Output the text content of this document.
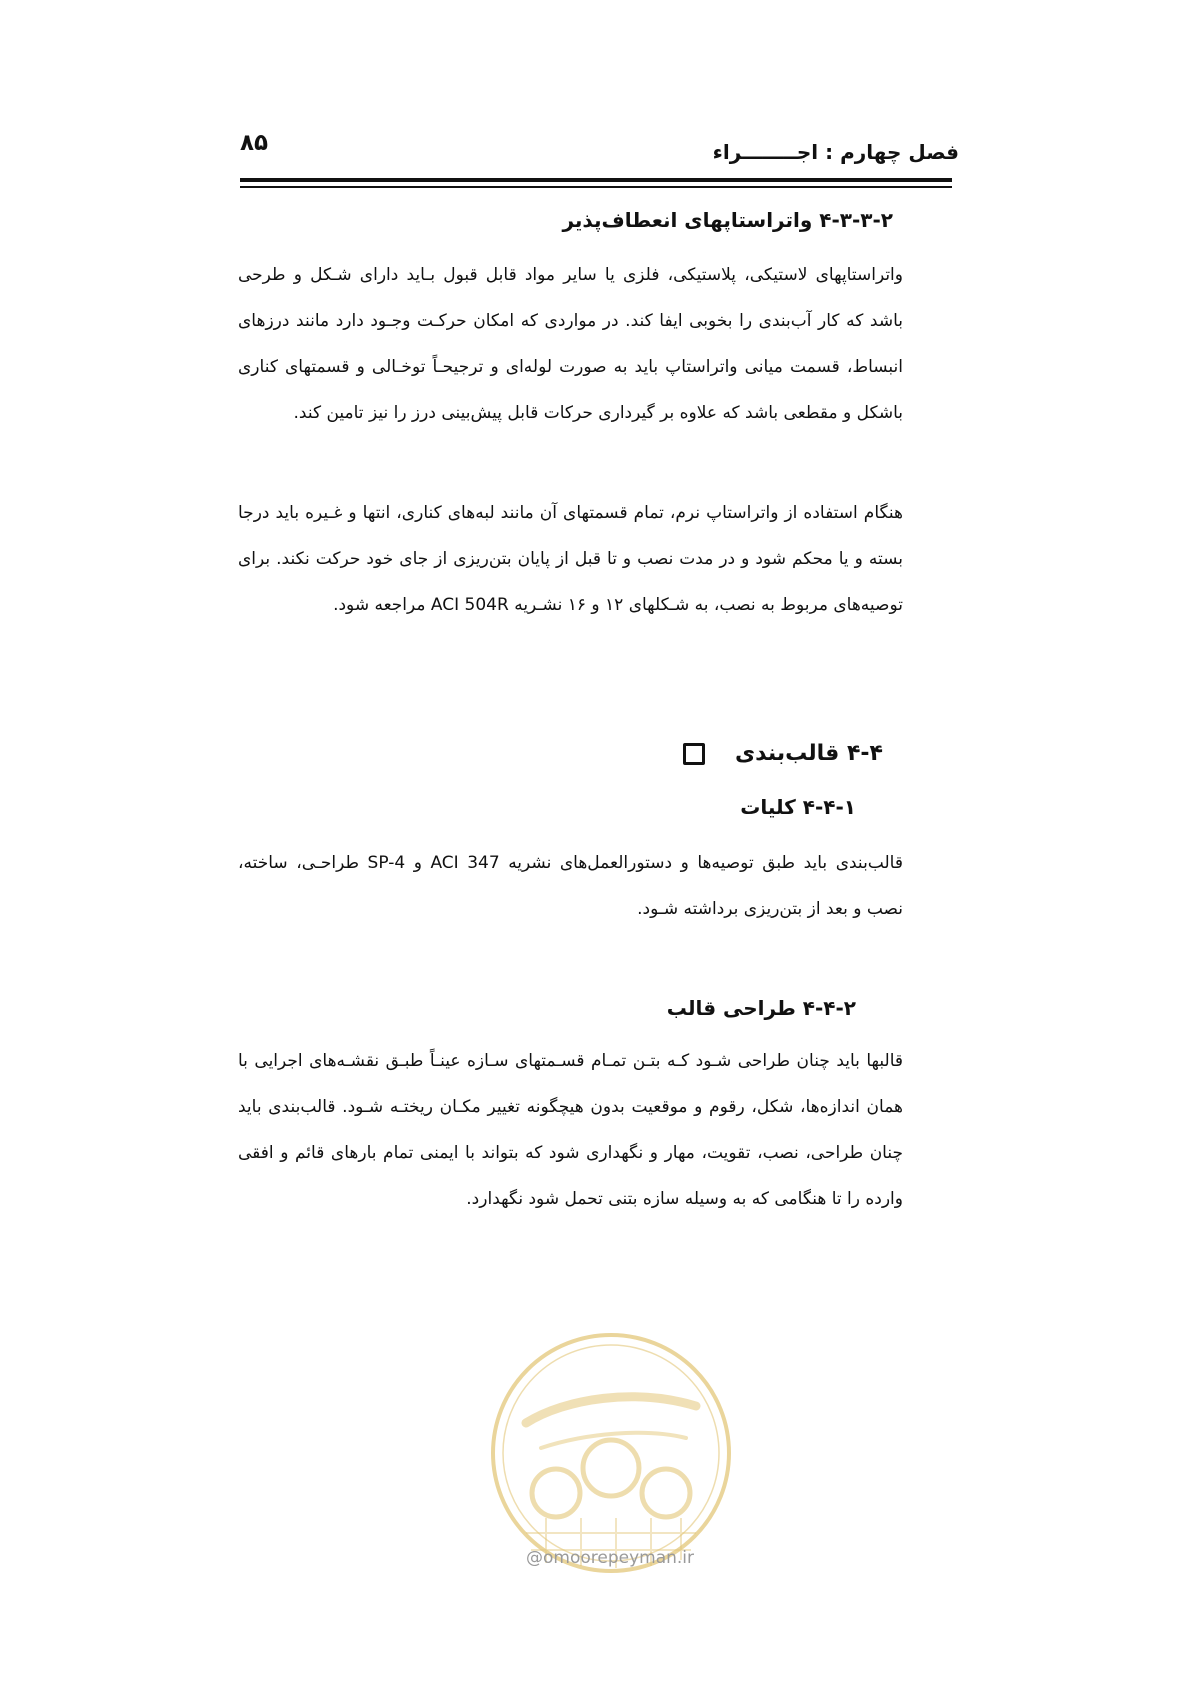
۸۵	فصل چهارم : اجــــــــراء
۴-۳-۳-۲ واتراستاپهای انعطاف‌پذیر

واتراستاپهای لاستیکی، پلاستیکی، فلزی یا سایر مواد قابل قبول بـاید دارای شـکل و طرحی باشد که کار آب‌بندی را بخوبی ایفا کند. در مواردی که امکان حرکـت وجـود دارد مانند درزهای انبساط، قسمت میانی واتراستاپ باید به صورت لوله‌ای و ترجیحـاً توخـالی و قسمتهای کناری باشکل و مقطعی باشد که علاوه بر گیرداری حرکات قابل پیش‌بینی درز را نیز تامین کند.

هنگام استفاده از واتراستاپ نرم، تمام قسمتهای آن مانند لبه‌های کناری، انتها و غـیره باید درجا بسته و یا محکم شود و در مدت نصب و تا قبل از پایان بتن‌ریزی از جای خود حرکت نکند. برای توصیه‌های مربوط به نصب، به شـکلهای ۱۲ و ۱۶ نشـریه ACI 504R مراجعه شود.

۴-۴ قالب‌بندی
۴-۴-۱ کلیات

قالب‌بندی باید طبق توصیه‌ها و دستورالعمل‌های نشریه ACI 347 و SP-4 طراحـی، ساخته، نصب و بعد از بتن‌ریزی برداشته شـود.

۴-۴-۲ طراحی قالب

قالبها باید چنان طراحی شـود کـه بتـن تمـام قسـمتهای سـازه عینـاً طبـق نقشـه‌های اجرایی با همان اندازه‌ها، شکل، رقوم و موقعیت بدون هیچگونه تغییر مکـان ریختـه شـود. قالب‌بندی باید چنان طراحی، نصب، تقویت، مهار و نگهداری شود که بتواند با ایمنی تمام بارهای قائم و افقی وارده را تا هنگامی که به وسیله سازه بتنی تحمل شود نگهدارد.

@omoorepeyman.ir
